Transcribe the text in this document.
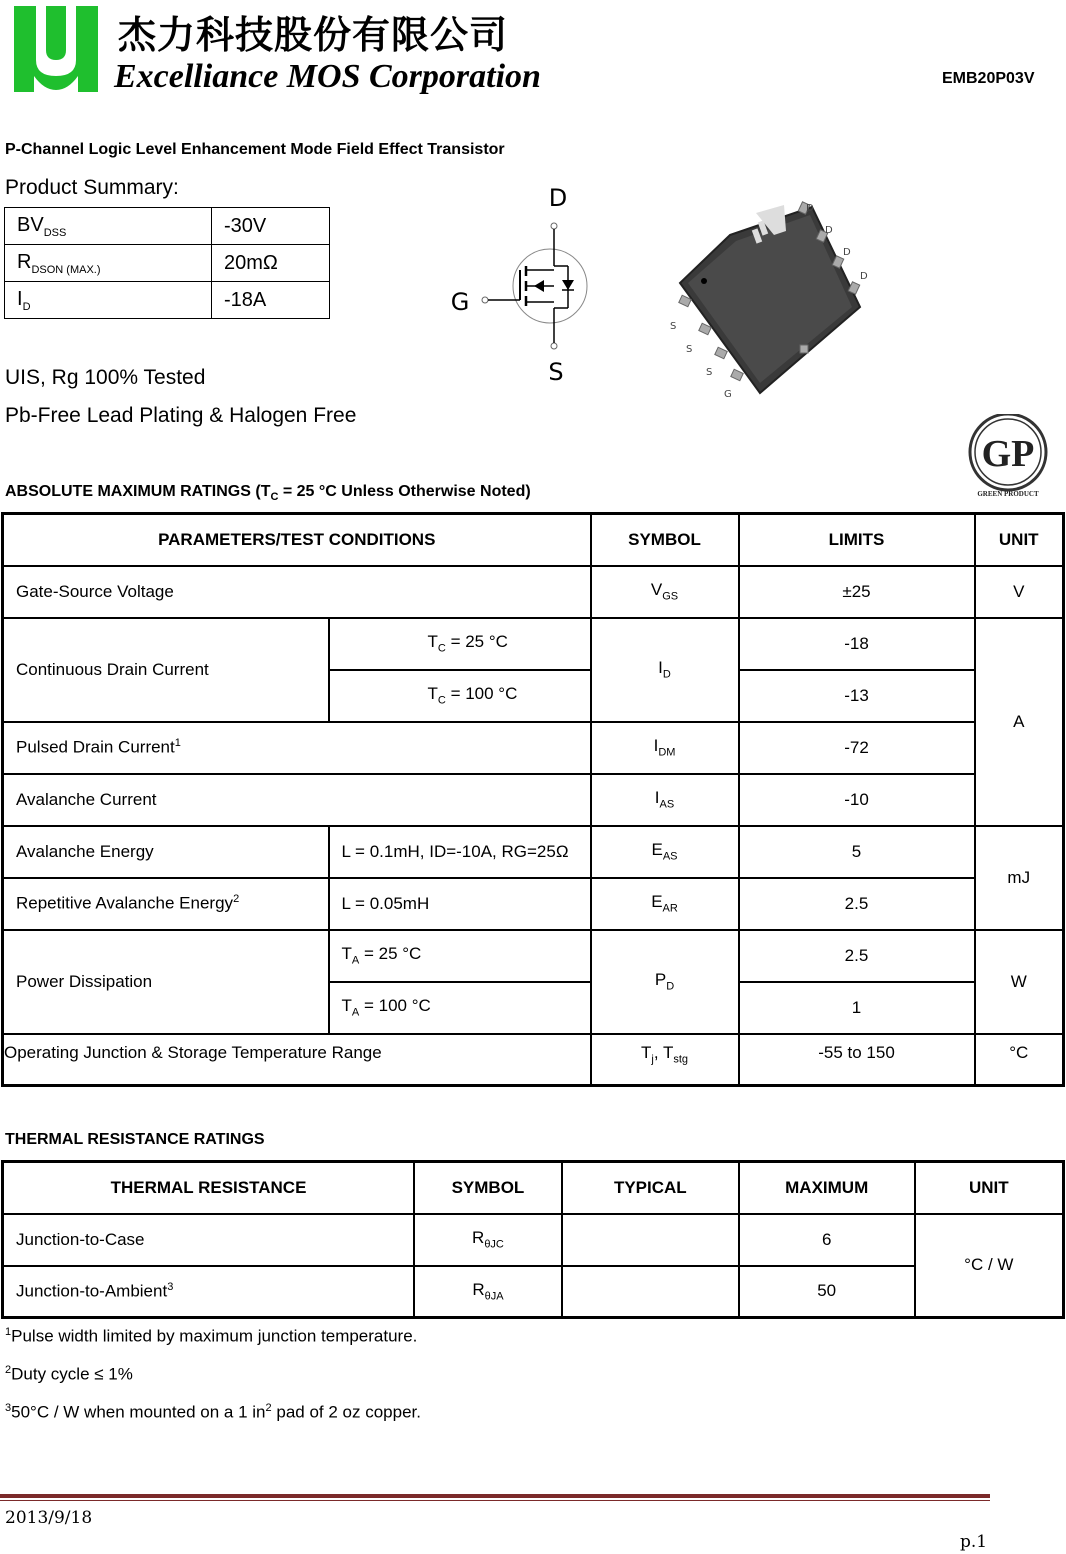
杰力科技股份有限公司
Excelliance MOS Corporation	EMB20P03V
P-Channel Logic Level Enhancement Mode Field Effect Transistor
Product Summary:
$BV_{DSS}$	-30V
$R_{DSON (MAX.)}$	20mΩ
$I_D$	-18A
UIS, Rg 100% Tested
Pb-Free Lead Plating & Halogen Free
D
G
S
D
D
D
D
S
S
S
G
GP
GREEN PRODUCT
ABSOLUTE MAXIMUM RATINGS ($T_C = 25$ °C Unless Otherwise Noted)
PARAMETERS/TEST CONDITIONS		SYMBOL	LIMITS	UNIT
Gate-Source Voltage		$V_{GS}$	±25	V
Continuous Drain Current	$T_C = 25$ °C	$I_D$	-18	A
	$T_C = 100$ °C		-13	
Pulsed Drain Current$^1$		$I_{DM}$	-72	
Avalanche Current		$I_{AS}$	-10	
Avalanche Energy	L = 0.1mH, ID=-10A, RG=25Ω	$E_{AS}$	5	mJ
Repetitive Avalanche Energy$^2$	L = 0.05mH	$E_{AR}$	2.5	
Power Dissipation	$T_A = 25$ °C	$P_D$	2.5	W
	$T_A = 100$ °C		1	
Operating Junction & Storage Temperature Range		$T_j$, $T_{stg}$	-55 to 150	°C
THERMAL RESISTANCE RATINGS
THERMAL RESISTANCE	SYMBOL	TYPICAL	MAXIMUM	UNIT
Junction-to-Case	$R_{\theta JC}$		6	°C / W
Junction-to-Ambient$^3$	$R_{\theta JA}$		50	
$^1$Pulse width limited by maximum junction temperature.
$^2$Duty cycle ≤ 1%
$^3$50°C / W when mounted on a 1 $in^2$ pad of 2 oz copper.
2013/9/18
p.1
